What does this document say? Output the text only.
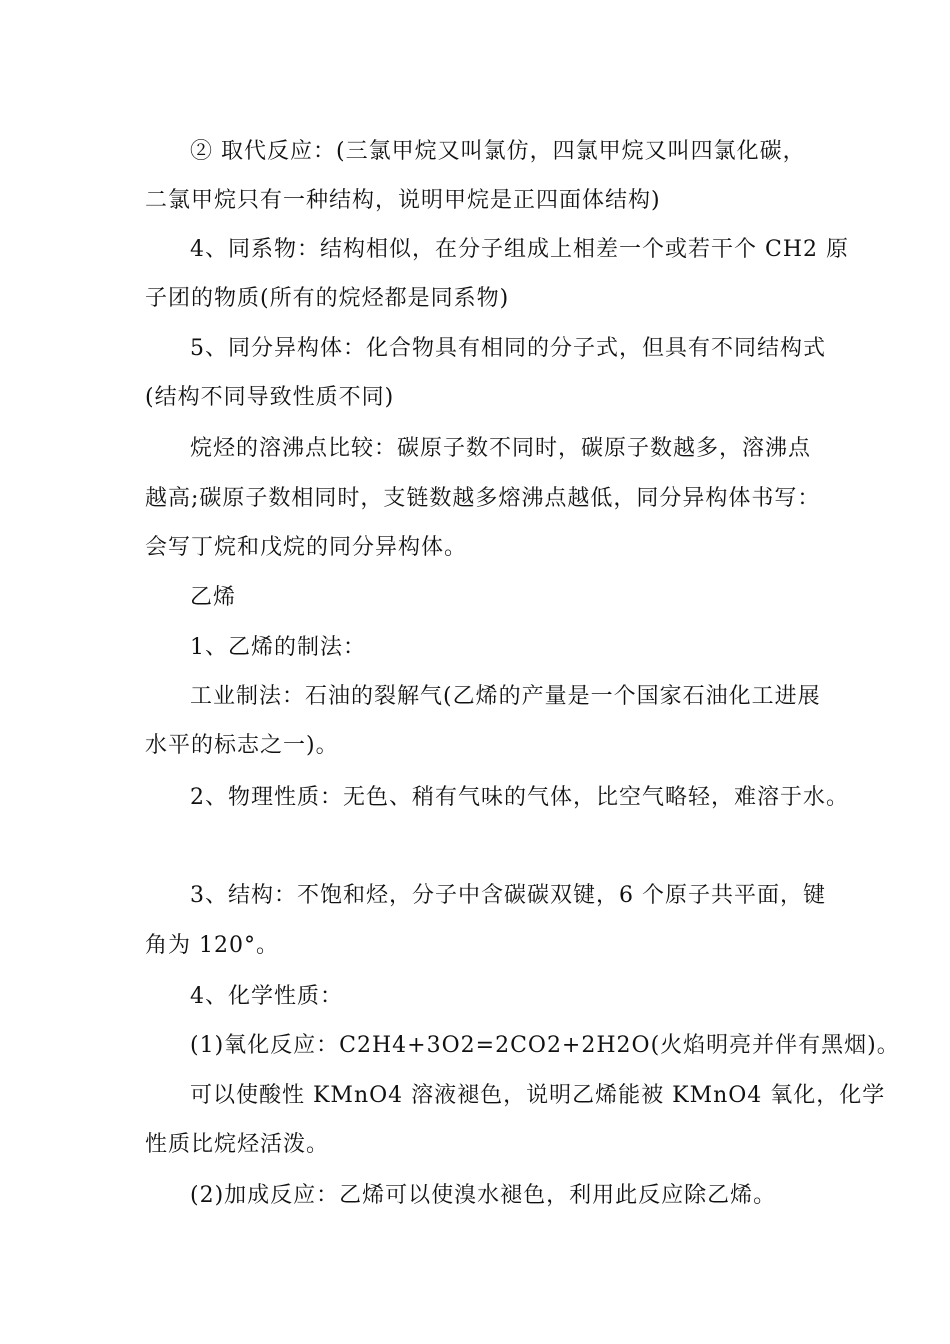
② 取代反应：(三氯甲烷又叫氯仿，四氯甲烷又叫四氯化碳，
二氯甲烷只有一种结构，说明甲烷是正四面体结构)
4、同系物：结构相似，在分子组成上相差一个或若干个 CH2 原
子团的物质(所有的烷烃都是同系物)
5、同分异构体：化合物具有相同的分子式，但具有不同结构式
(结构不同导致性质不同)
烷烃的溶沸点比较：碳原子数不同时，碳原子数越多，溶沸点
越高;碳原子数相同时，支链数越多熔沸点越低，同分异构体书写：
会写丁烷和戊烷的同分异构体。
乙烯
1、乙烯的制法：
工业制法：石油的裂解气(乙烯的产量是一个国家石油化工进展
水平的标志之一)。
2、物理性质：无色、稍有气味的气体，比空气略轻，难溶于水。
3、结构：不饱和烃，分子中含碳碳双键，6 个原子共平面，键
角为 120°。
4、化学性质：
(1)氧化反应：C2H4+3O2=2CO2+2H2O(火焰明亮并伴有黑烟)。
可以使酸性 KMnO4 溶液褪色，说明乙烯能被 KMnO4 氧化，化学
性质比烷烃活泼。
(2)加成反应：乙烯可以使溴水褪色，利用此反应除乙烯。
